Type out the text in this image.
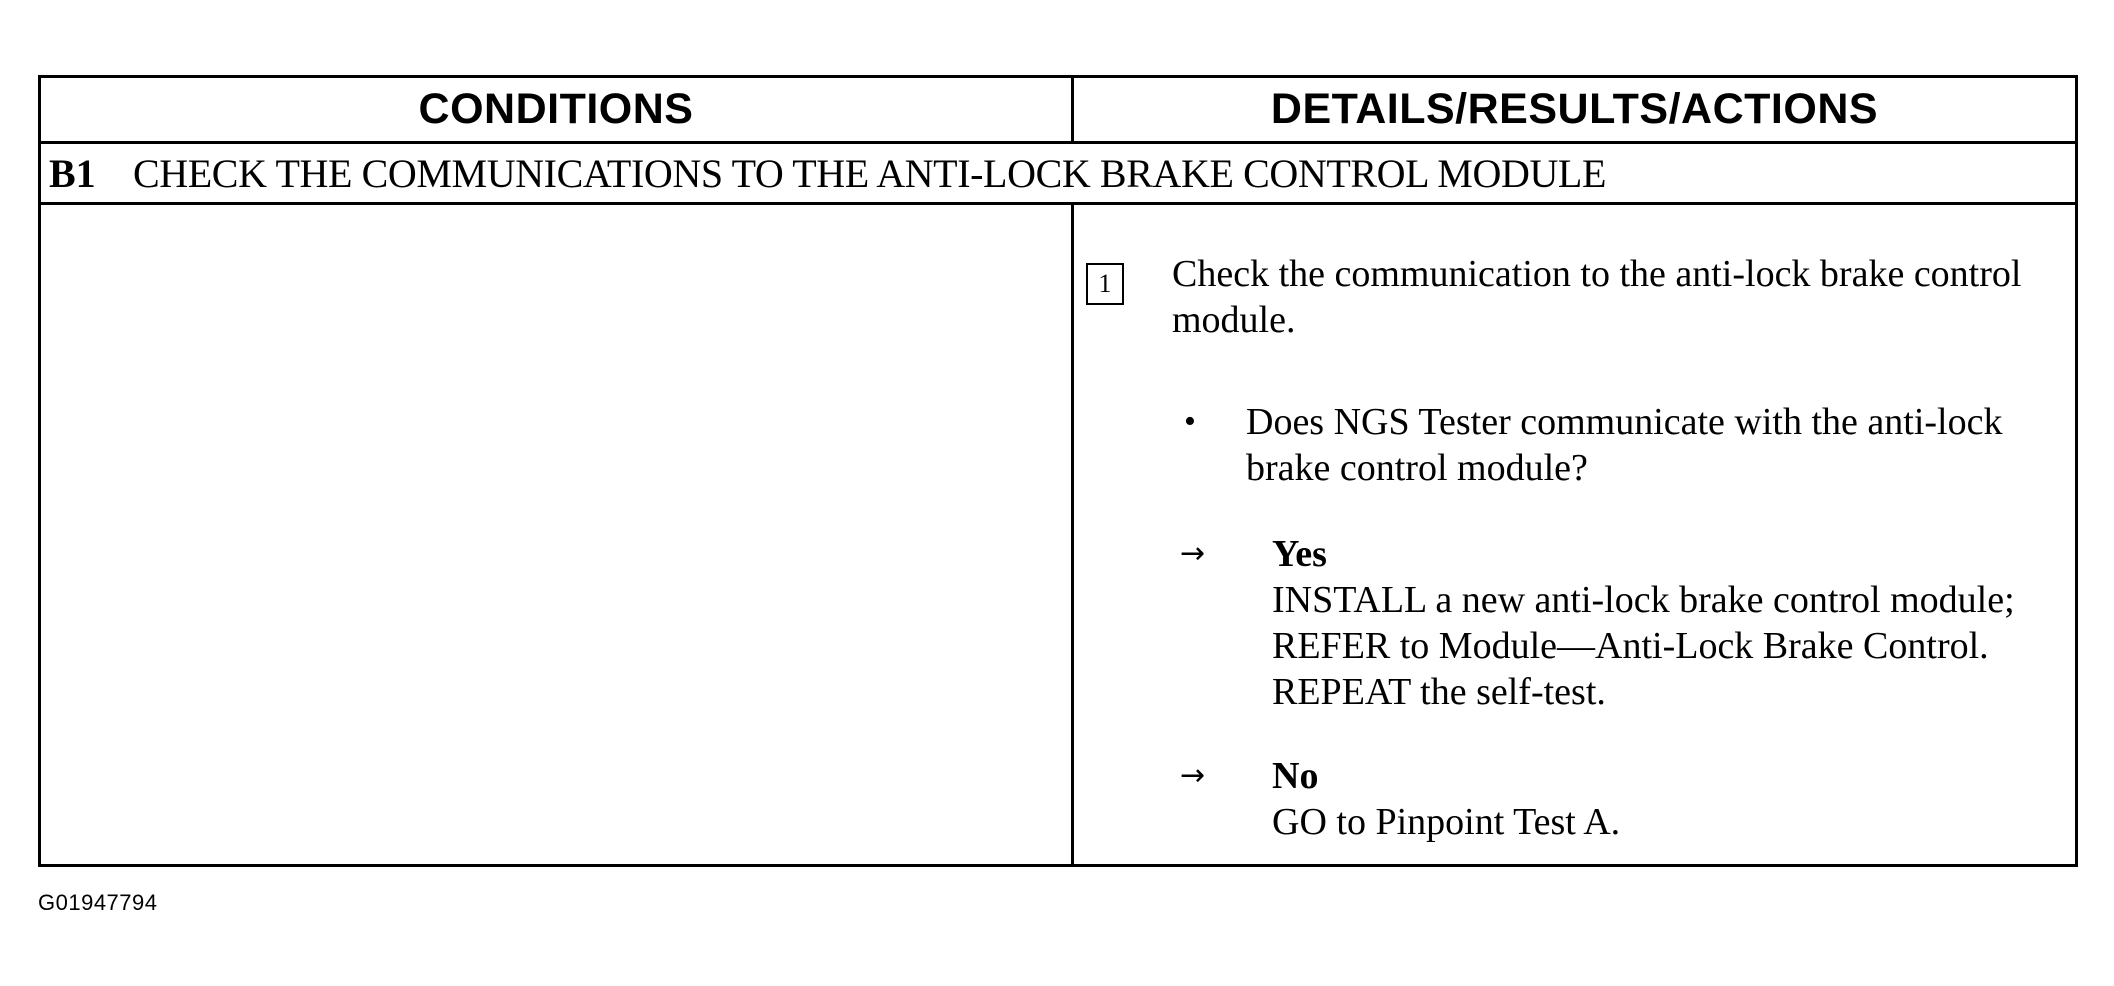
CONDITIONS	DETAILS/RESULTS/ACTIONS
B1 CHECK THE COMMUNICATIONS TO THE ANTI-LOCK BRAKE CONTROL MODULE
1	Check the communication to the anti-lock brake control module.
•	Does NGS Tester communicate with the anti-lock brake control module?
→	Yes
INSTALL a new anti-lock brake control module; REFER to Module—Anti-Lock Brake Control. REPEAT the self-test.
→	No
GO to Pinpoint Test A.
G01947794
